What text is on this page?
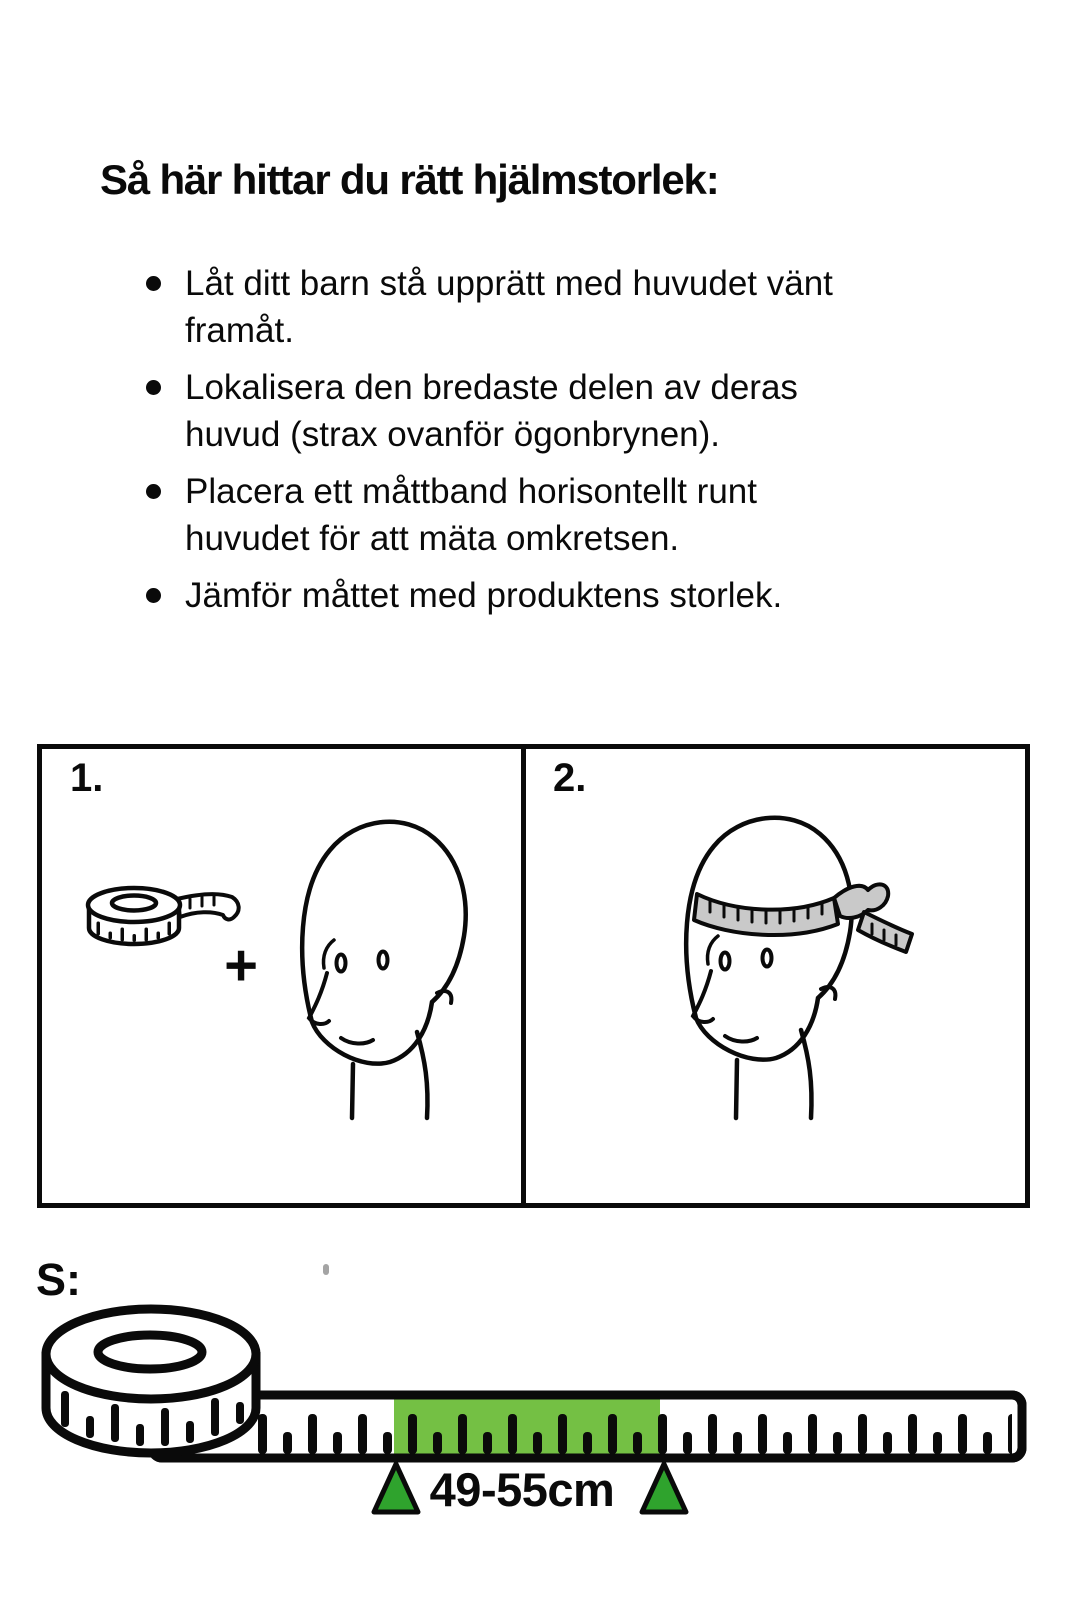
Så här hittar du rätt hjälmstorlek:
Låt ditt barn stå upprätt med huvudet vänt
framåt.
Lokalisera den bredaste delen av deras
huvud (strax ovanför ögonbrynen).
Placera ett måttband horisontellt runt
huvudet för att mäta omkretsen.
Jämför måttet med produktens storlek.
1.	2.
+
S:
49-55cm
